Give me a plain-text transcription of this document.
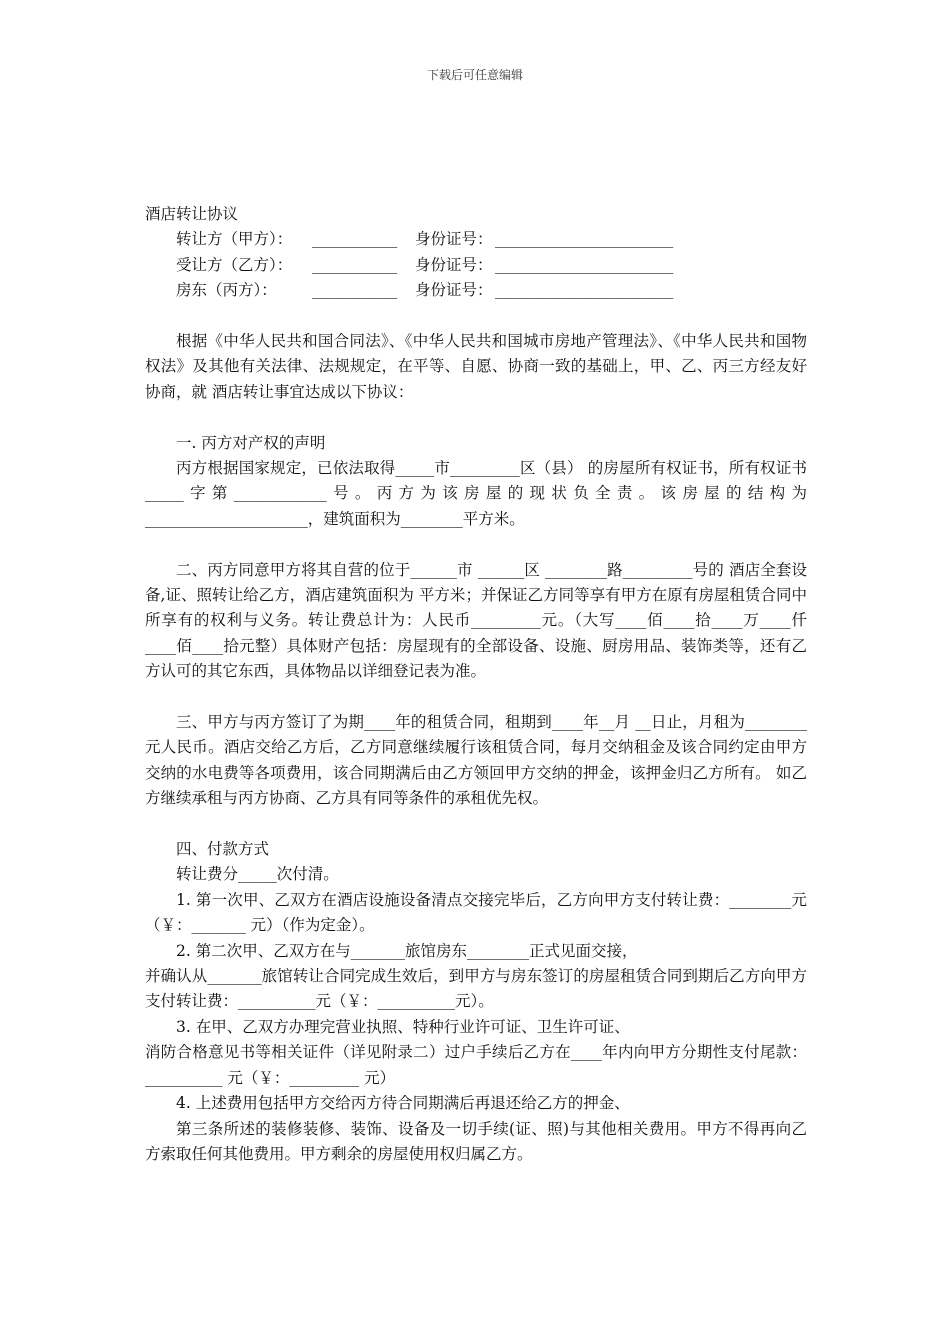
下载后可任意编辑

酒店转让协议

转让方（甲方）： ___________ 身份证号： _______________________
受让方（乙方）： ___________ 身份证号： _______________________
房东（丙方）： ___________ 身份证号： _______________________

根据《中华人民共和国合同法》、《中华人民共和国城市房地产管理法》、《中华人民共和国物权法》及其他有关法律、法规规定，在平等、自愿、协商一致的基础上，甲、乙、丙三方经友好协商，就 酒店转让事宜达成以下协议：

一. 丙方对产权的声明

丙方根据国家规定，已依法取得_____市_________区（县） 的房屋所有权证书，所有权证书_____字第____________号。丙方为该房屋的现状负全责。该房屋的结构为 _____________________，建筑面积为________平方米。

二、丙方同意甲方将其自营的位于______市 ______区 ________路_________号的 酒店全套设备,证、照转让给乙方，酒店建筑面积为 平方米；并保证乙方同等享有甲方在原有房屋租赁合同中所享有的权利与义务。转让费总计为：人民币_________元。（大写____佰____拾____万____仟____佰____拾元整）具体财产包括：房屋现有的全部设备、设施、厨房用品、装饰类等，还有乙方认可的其它东西，具体物品以详细登记表为准。

三、甲方与丙方签订了为期____年的租赁合同，租期到____年__月 __日止，月租为________元人民币。酒店交给乙方后，乙方同意继续履行该租赁合同，每月交纳租金及该合同约定由甲方交纳的水电费等各项费用，该合同期满后由乙方领回甲方交纳的押金，该押金归乙方所有。 如乙方继续承租与丙方协商、乙方具有同等条件的承租优先权。

四、付款方式

转让费分_____次付清。

1. 第一次甲、乙双方在酒店设施设备清点交接完毕后，乙方向甲方支付转让费：________元（￥：_______ 元）（作为定金）。

2. 第二次甲、乙双方在与_______旅馆房东________正式见面交接，

并确认从_______旅馆转让合同完成生效后，到甲方与房东签订的房屋租赁合同到期后乙方向甲方支付转让费：__________元（￥：__________元）。

3. 在甲、乙双方办理完营业执照、特种行业许可证、卫生许可证、

消防合格意见书等相关证件（详见附录二）过户手续后乙方在____年内向甲方分期性支付尾款：__________ 元（￥：_________ 元）

4. 上述费用包括甲方交给丙方待合同期满后再退还给乙方的押金、

第三条所述的装修装修、装饰、设备及一切手续(证、照)与其他相关费用。甲方不得再向乙方索取任何其他费用。甲方剩余的房屋使用权归属乙方。
